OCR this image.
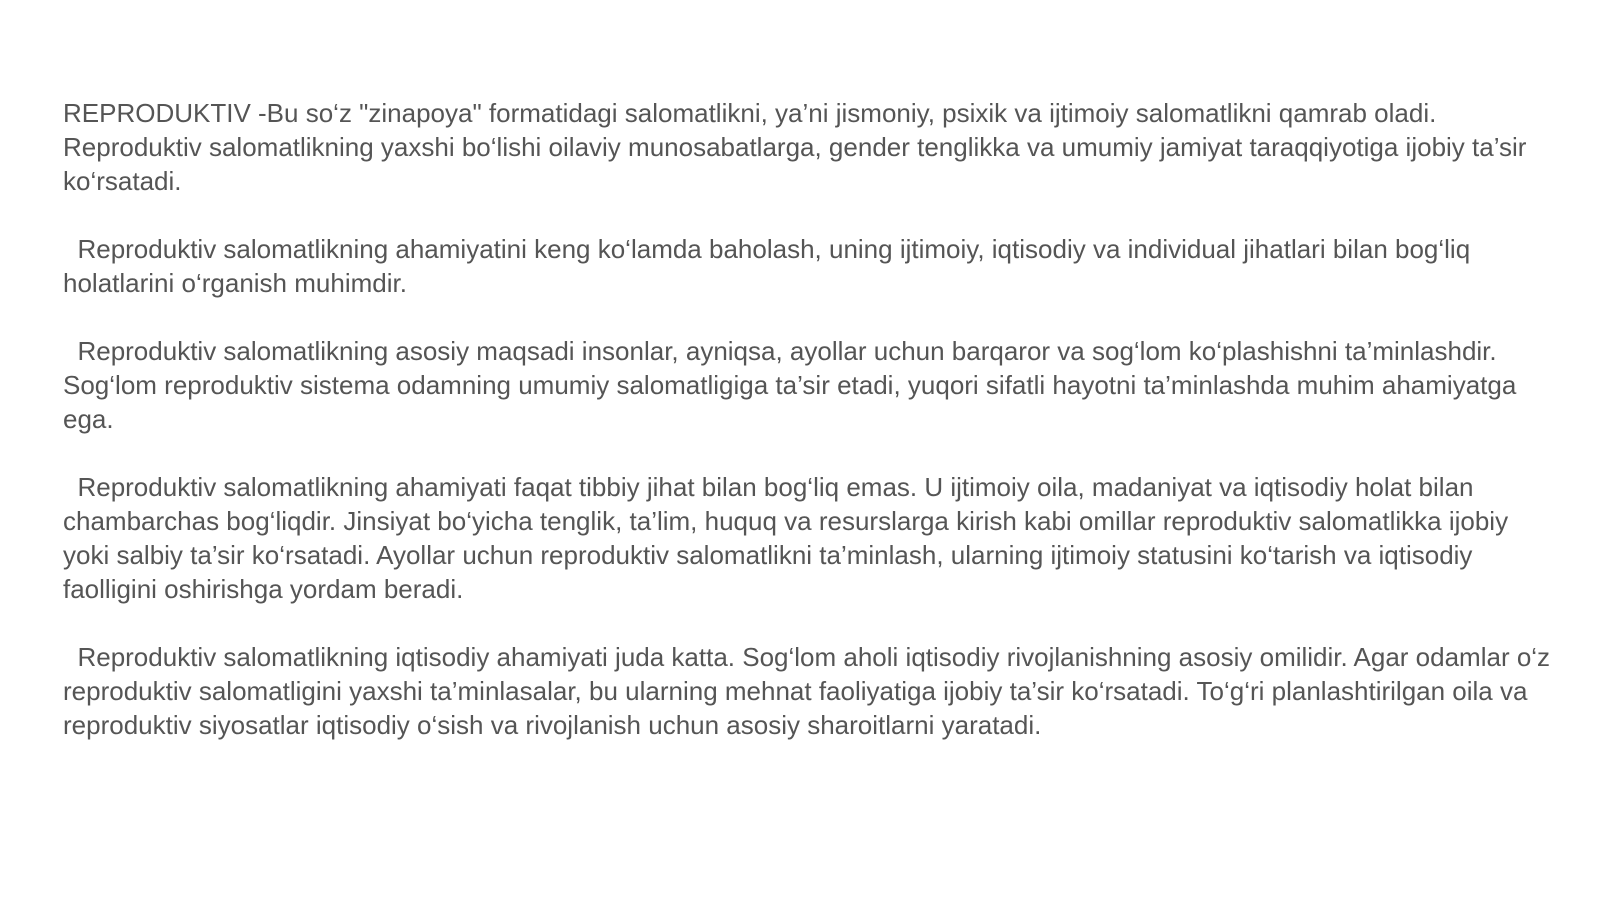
REPRODUKTIV -Bu so‘z "zinapoya" formatidagi salomatlikni, ya’ni jismoniy, psixik va ijtimoiy salomatlikni qamrab oladi. Reproduktiv salomatlikning yaxshi bo‘lishi oilaviy munosabatlarga, gender tenglikka va umumiy jamiyat taraqqiyotiga ijobiy ta’sir ko‘rsatadi.

Reproduktiv salomatlikning ahamiyatini keng ko‘lamda baholash, uning ijtimoiy, iqtisodiy va individual jihatlari bilan bog‘liq holatlarini o‘rganish muhimdir.

Reproduktiv salomatlikning asosiy maqsadi insonlar, ayniqsa, ayollar uchun barqaror va sog‘lom ko‘plashishni ta’minlashdir. Sog‘lom reproduktiv sistema odamning umumiy salomatligiga ta’sir etadi, yuqori sifatli hayotni ta’minlashda muhim ahamiyatga ega.

Reproduktiv salomatlikning ahamiyati faqat tibbiy jihat bilan bog‘liq emas. U ijtimoiy oila, madaniyat va iqtisodiy holat bilan chambarchas bog‘liqdir. Jinsiyat bo‘yicha tenglik, ta’lim, huquq va resurslarga kirish kabi omillar reproduktiv salomatlikka ijobiy yoki salbiy ta’sir ko‘rsatadi. Ayollar uchun reproduktiv salomatlikni ta’minlash, ularning ijtimoiy statusini ko‘tarish va iqtisodiy faolligini oshirishga yordam beradi.

Reproduktiv salomatlikning iqtisodiy ahamiyati juda katta. Sog‘lom aholi iqtisodiy rivojlanishning asosiy omilidir. Agar odamlar o‘z reproduktiv salomatligini yaxshi ta’minlasalar, bu ularning mehnat faoliyatiga ijobiy ta’sir ko‘rsatadi. To‘g‘ri planlashtirilgan oila va reproduktiv siyosatlar iqtisodiy o‘sish va rivojlanish uchun asosiy sharoitlarni yaratadi.
